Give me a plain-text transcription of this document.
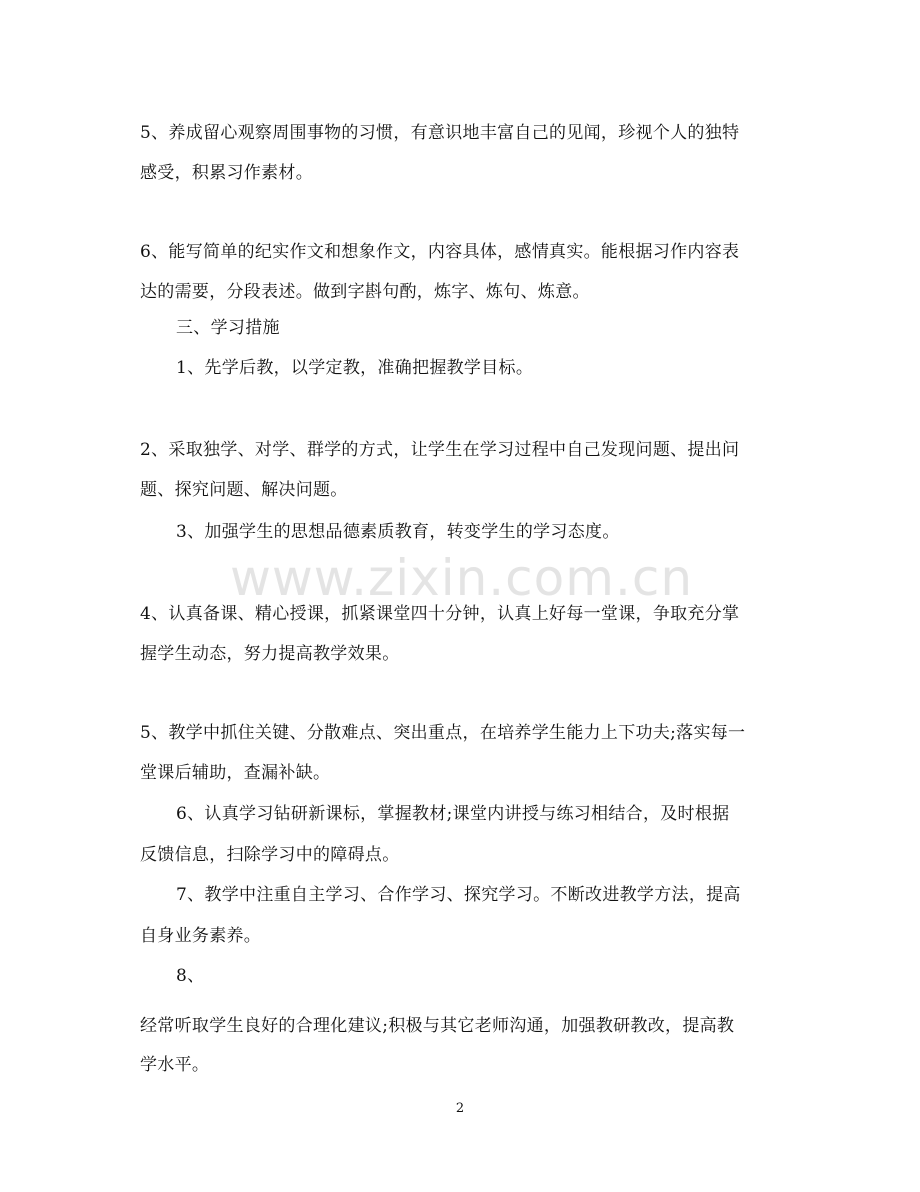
www.zixin.com.cn
5、养成留心观察周围事物的习惯，有意识地丰富自己的见闻，珍视个人的独特
感受，积累习作素材。
6、能写简单的纪实作文和想象作文，内容具体，感情真实。能根据习作内容表
达的需要，分段表述。做到字斟句酌，炼字、炼句、炼意。
三、学习措施
1、先学后教，以学定教，准确把握教学目标。
2、采取独学、对学、群学的方式，让学生在学习过程中自己发现问题、提出问
题、探究问题、解决问题。
3、加强学生的思想品德素质教育，转变学生的学习态度。
4、认真备课、精心授课，抓紧课堂四十分钟，认真上好每一堂课，争取充分掌
握学生动态，努力提高教学效果。
5、教学中抓住关键、分散难点、突出重点，在培养学生能力上下功夫;落实每一
堂课后辅助，查漏补缺。
6、认真学习钻研新课标，掌握教材;课堂内讲授与练习相结合，及时根据
反馈信息，扫除学习中的障碍点。
7、教学中注重自主学习、合作学习、探究学习。不断改进教学方法，提高
自身业务素养。
8、
经常听取学生良好的合理化建议;积极与其它老师沟通，加强教研教改，提高教
学水平。
2
